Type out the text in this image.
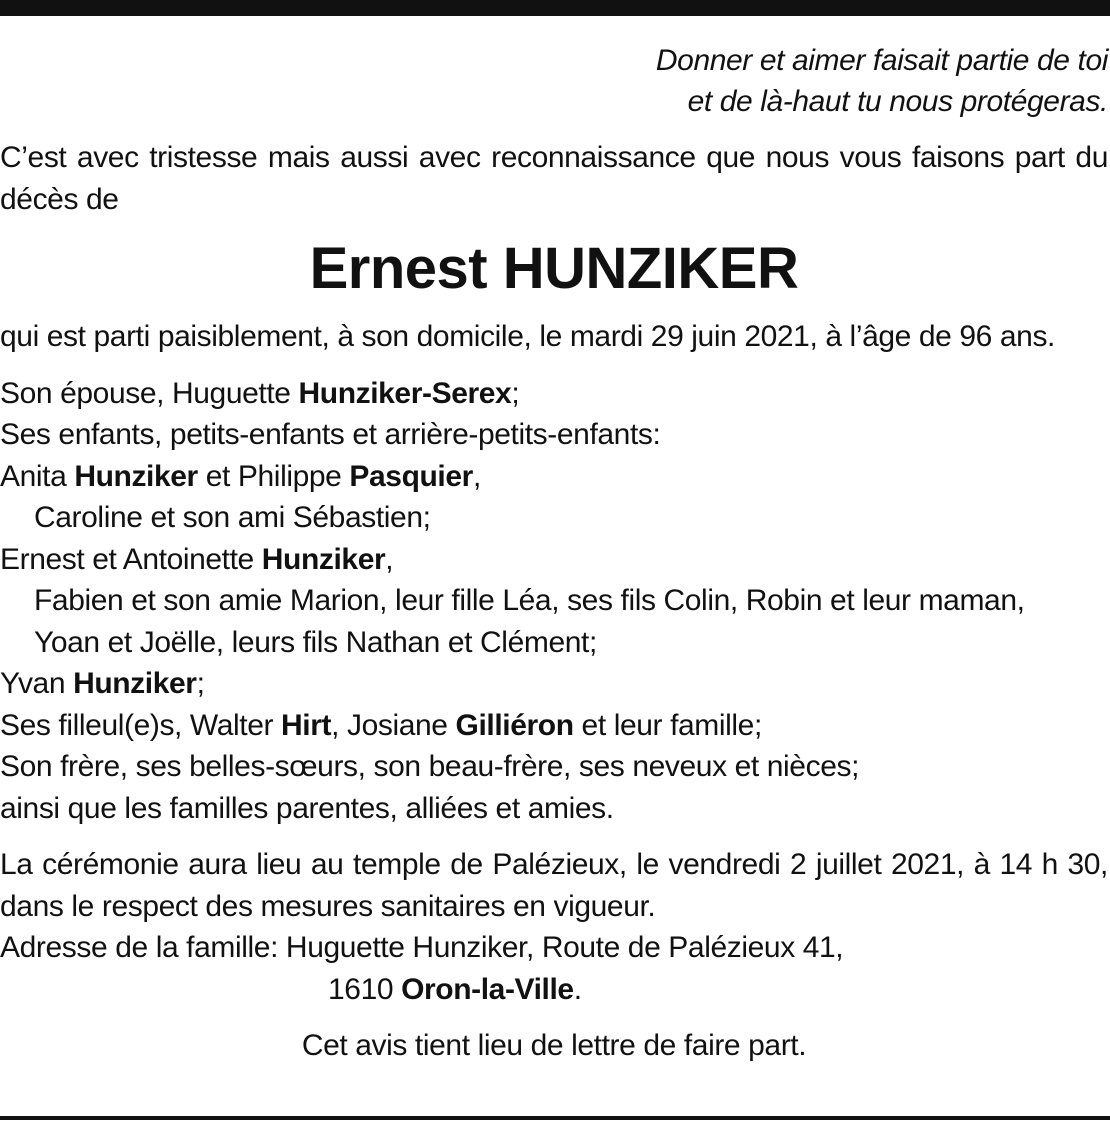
Donner et aimer faisait partie de toi
et de là-haut tu nous protégeras.
C’est avec tristesse mais aussi avec reconnaissance que nous vous faisons part du décès de
Ernest HUNZIKER
qui est parti paisiblement, à son domicile, le mardi 29 juin 2021, à l’âge de 96 ans.
Son épouse, Huguette Hunziker-Serex;
Ses enfants, petits-enfants et arrière-petits-enfants:
Anita Hunziker et Philippe Pasquier,
Caroline et son ami Sébastien;
Ernest et Antoinette Hunziker,
Fabien et son amie Marion, leur fille Léa, ses fils Colin, Robin et leur maman,
Yoan et Joëlle, leurs fils Nathan et Clément;
Yvan Hunziker;
Ses filleul(e)s, Walter Hirt, Josiane Gilliéron et leur famille;
Son frère, ses belles-sœurs, son beau-frère, ses neveux et nièces;
ainsi que les familles parentes, alliées et amies.
La cérémonie aura lieu au temple de Palézieux, le vendredi 2 juillet 2021, à 14 h 30, dans le respect des mesures sanitaires en vigueur.
Adresse de la famille: Huguette Hunziker, Route de Palézieux 41,
1610 Oron-la-Ville.
Cet avis tient lieu de lettre de faire part.
